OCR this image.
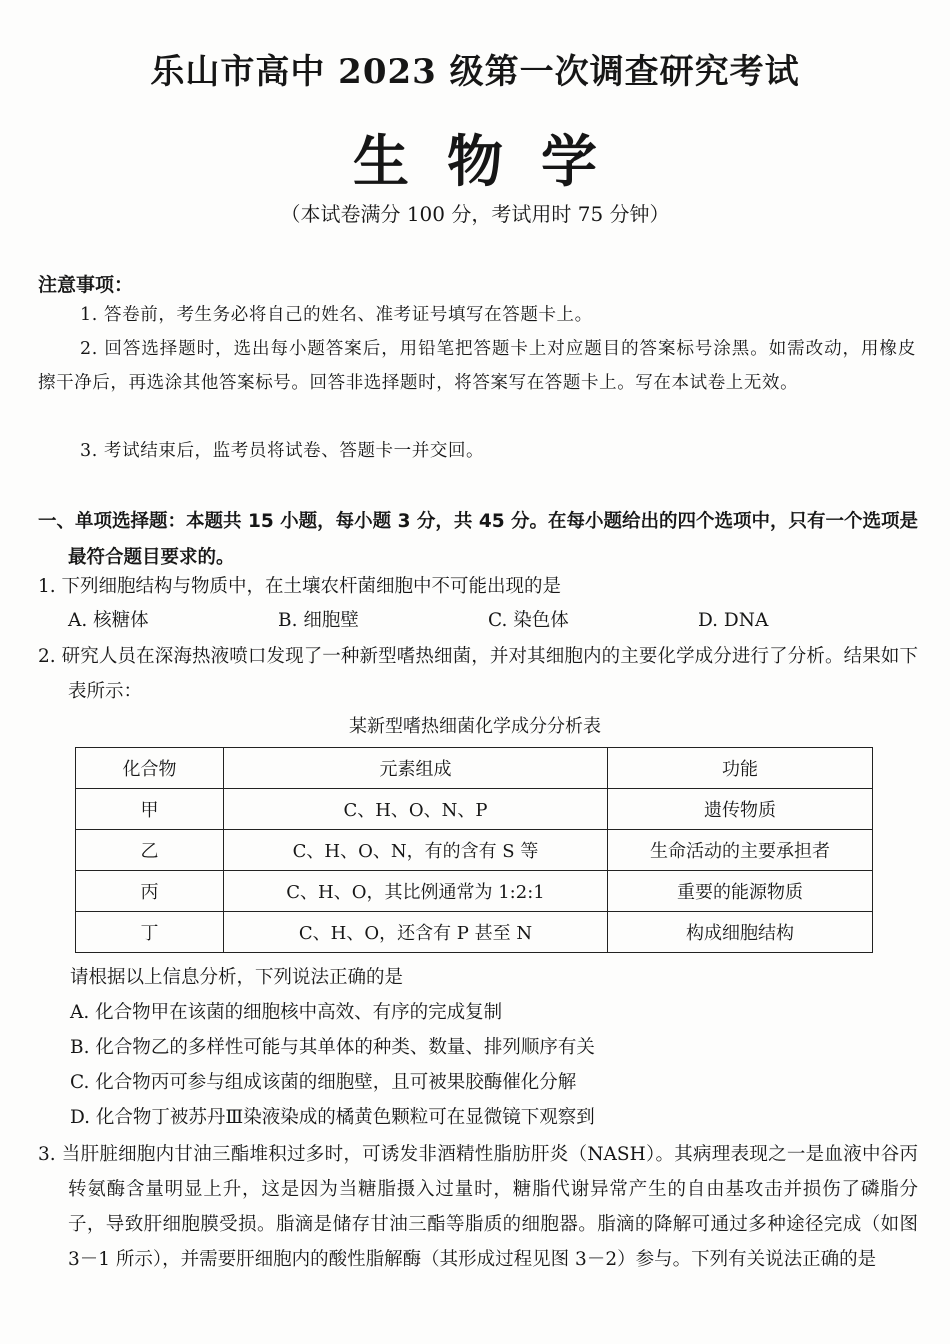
乐山市高中 2023 级第一次调查研究考试
生物学

（本试卷满分 100 分，考试用时 75 分钟）

注意事项：

1. 答卷前，考生务必将自己的姓名、准考证号填写在答题卡上。

2. 回答选择题时，选出每小题答案后，用铅笔把答题卡上对应题目的答案标号涂黑。如需改动，用橡皮擦干净后，再选涂其他答案标号。回答非选择题时，将答案写在答题卡上。写在本试卷上无效。

3. 考试结束后，监考员将试卷、答题卡一并交回。

一、单项选择题：本题共 15 小题，每小题 3 分，共 45 分。在每小题给出的四个选项中，只有一个选项是最符合题目要求的。

1. 下列细胞结构与物质中，在土壤农杆菌细胞中不可能出现的是

A. 核糖体	B. 细胞壁	C. 染色体	D. DNA

2. 研究人员在深海热液喷口发现了一种新型嗜热细菌，并对其细胞内的主要化学成分进行了分析。结果如下表所示：

某新型嗜热细菌化学成分分析表

化合物	元素组成	功能
甲	C、H、O、N、P	遗传物质
乙	C、H、O、N，有的含有 S 等	生命活动的主要承担者
丙	C、H、O，其比例通常为 1:2:1	重要的能源物质
丁	C、H、O，还含有 P 甚至 N	构成细胞结构

请根据以上信息分析，下列说法正确的是

A. 化合物甲在该菌的细胞核中高效、有序的完成复制

B. 化合物乙的多样性可能与其单体的种类、数量、排列顺序有关

C. 化合物丙可参与组成该菌的细胞壁，且可被果胶酶催化分解

D. 化合物丁被苏丹Ⅲ染液染成的橘黄色颗粒可在显微镜下观察到

3. 当肝脏细胞内甘油三酯堆积过多时，可诱发非酒精性脂肪肝炎（NASH）。其病理表现之一是血液中谷丙转氨酶含量明显上升，这是因为当糖脂摄入过量时，糖脂代谢异常产生的自由基攻击并损伤了磷脂分子，导致肝细胞膜受损。脂滴是储存甘油三酯等脂质的细胞器。脂滴的降解可通过多种途径完成（如图 3－1 所示），并需要肝细胞内的酸性脂解酶（其形成过程见图 3－2）参与。下列有关说法正确的是
